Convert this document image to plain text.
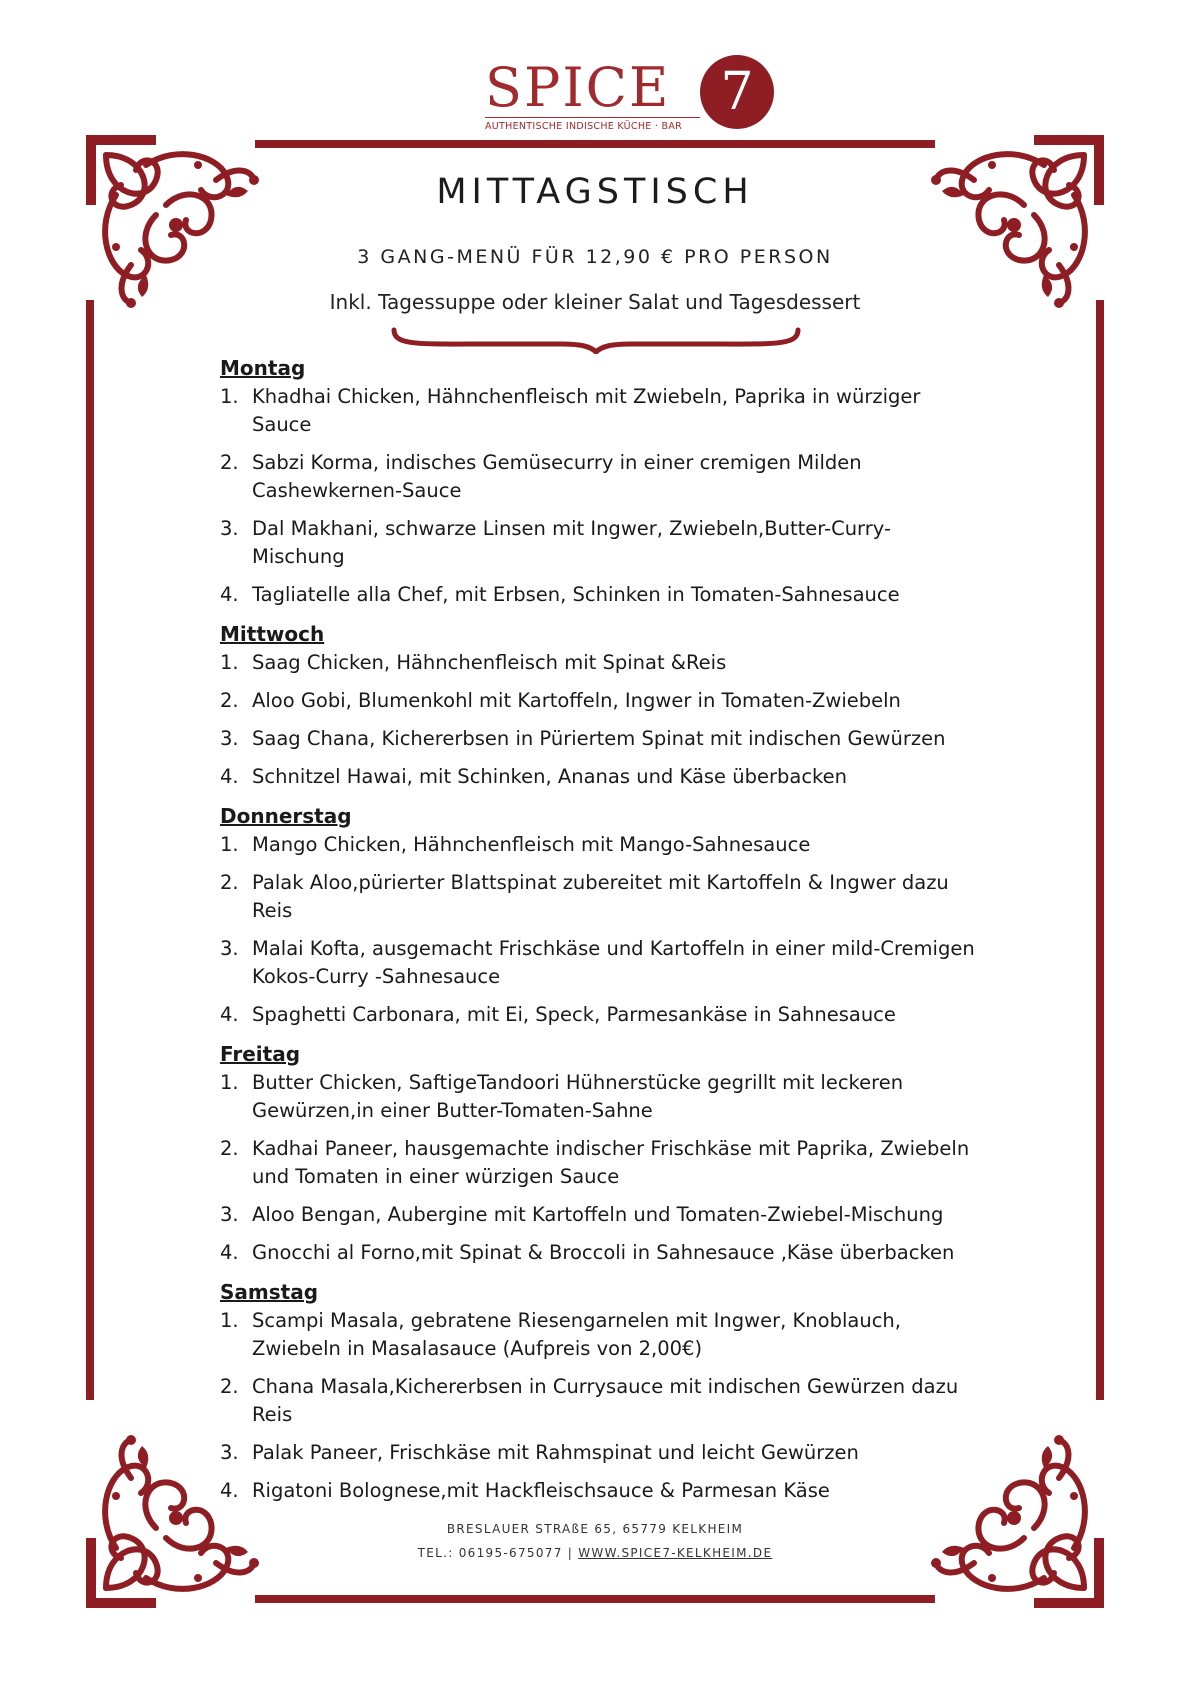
SPICE 7
AUTHENTISCHE INDISCHE KÜCHE · BAR
MITTAGSTISCH
3 GANG-MENÜ FÜR 12,90 € PRO PERSON
Inkl. Tagessuppe oder kleiner Salat und Tagesdessert
Montag
1. Khadhai Chicken, Hähnchenfleisch mit Zwiebeln, Paprika in würziger Sauce
2. Sabzi Korma, indisches Gemüsecurry in einer cremigen Milden Cashewkernen-Sauce
3. Dal Makhani, schwarze Linsen mit Ingwer, Zwiebeln,Butter-Curry-Mischung
4. Tagliatelle alla Chef, mit Erbsen, Schinken in Tomaten-Sahnesauce
Mittwoch
1. Saag Chicken, Hähnchenfleisch mit Spinat &Reis
2. Aloo Gobi, Blumenkohl mit Kartoffeln, Ingwer in Tomaten-Zwiebeln
3. Saag Chana, Kichererbsen in Püriertem Spinat mit indischen Gewürzen
4. Schnitzel Hawai, mit Schinken, Ananas und Käse überbacken
Donnerstag
1. Mango Chicken, Hähnchenfleisch mit Mango-Sahnesauce
2. Palak Aloo,pürierter Blattspinat zubereitet mit Kartoffeln & Ingwer dazu Reis
3. Malai Kofta, ausgemacht Frischkäse und Kartoffeln in einer mild-Cremigen Kokos-Curry -Sahnesauce
4. Spaghetti Carbonara, mit Ei, Speck, Parmesankäse in Sahnesauce
Freitag
1. Butter Chicken, SaftigeTandoori Hühnerstücke gegrillt mit leckeren Gewürzen,in einer Butter-Tomaten-Sahne
2. Kadhai Paneer, hausgemachte indischer Frischkäse mit Paprika, Zwiebeln und Tomaten in einer würzigen Sauce
3. Aloo Bengan, Aubergine mit Kartoffeln und Tomaten-Zwiebel-Mischung
4. Gnocchi al Forno,mit Spinat & Broccoli in Sahnesauce ,Käse überbacken
Samstag
1. Scampi Masala, gebratene Riesengarnelen mit Ingwer, Knoblauch, Zwiebeln in Masalasauce (Aufpreis von 2,00€)
2. Chana Masala,Kichererbsen in Currysauce mit indischen Gewürzen dazu Reis
3. Palak Paneer, Frischkäse mit Rahmspinat und leicht Gewürzen
4. Rigatoni Bolognese,mit Hackfleischsauce & Parmesan Käse
BRESLAUER STRAßE 65, 65779 KELKHEIM
TEL.: 06195-675077 | WWW.SPICE7-KELKHEIM.DE
